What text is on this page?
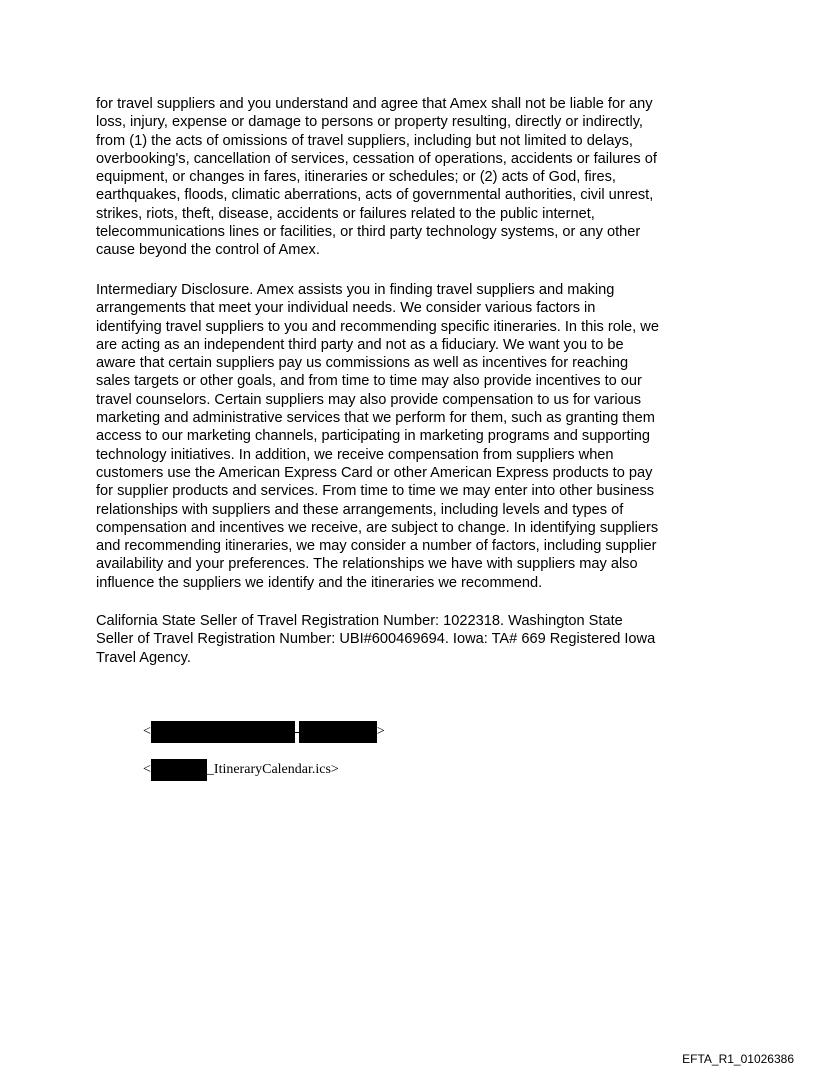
for travel suppliers and you understand and agree that Amex shall not be liable for any
loss, injury, expense or damage to persons or property resulting, directly or indirectly,
from (1) the acts of omissions of travel suppliers, including but not limited to delays,
overbooking's, cancellation of services, cessation of operations, accidents or failures of
equipment, or changes in fares, itineraries or schedules; or (2) acts of God, fires,
earthquakes, floods, climatic aberrations, acts of governmental authorities, civil unrest,
strikes, riots, theft, disease, accidents or failures related to the public internet,
telecommunications lines or facilities, or third party technology systems, or any other
cause beyond the control of Amex.

Intermediary Disclosure. Amex assists you in finding travel suppliers and making
arrangements that meet your individual needs. We consider various factors in
identifying travel suppliers to you and recommending specific itineraries. In this role, we
are acting as an independent third party and not as a fiduciary. We want you to be
aware that certain suppliers pay us commissions as well as incentives for reaching
sales targets or other goals, and from time to time may also provide incentives to our
travel counselors. Certain suppliers may also provide compensation to us for various
marketing and administrative services that we perform for them, such as granting them
access to our marketing channels, participating in marketing programs and supporting
technology initiatives. In addition, we receive compensation from suppliers when
customers use the American Express Card or other American Express products to pay
for supplier products and services. From time to time we may enter into other business
relationships with suppliers and these arrangements, including levels and types of
compensation and incentives we receive, are subject to change. In identifying suppliers
and recommending itineraries, we may consider a number of factors, including supplier
availability and your preferences. The relationships we have with suppliers may also
influence the suppliers we identify and the itineraries we recommend.

California State Seller of Travel Registration Number: 1022318. Washington State
Seller of Travel Registration Number: UBI#600469694. Iowa: TA# 669 Registered Iowa
Travel Agency.

<	>
<	_ItineraryCalendar.ics>
EFTA_R1_01026386
